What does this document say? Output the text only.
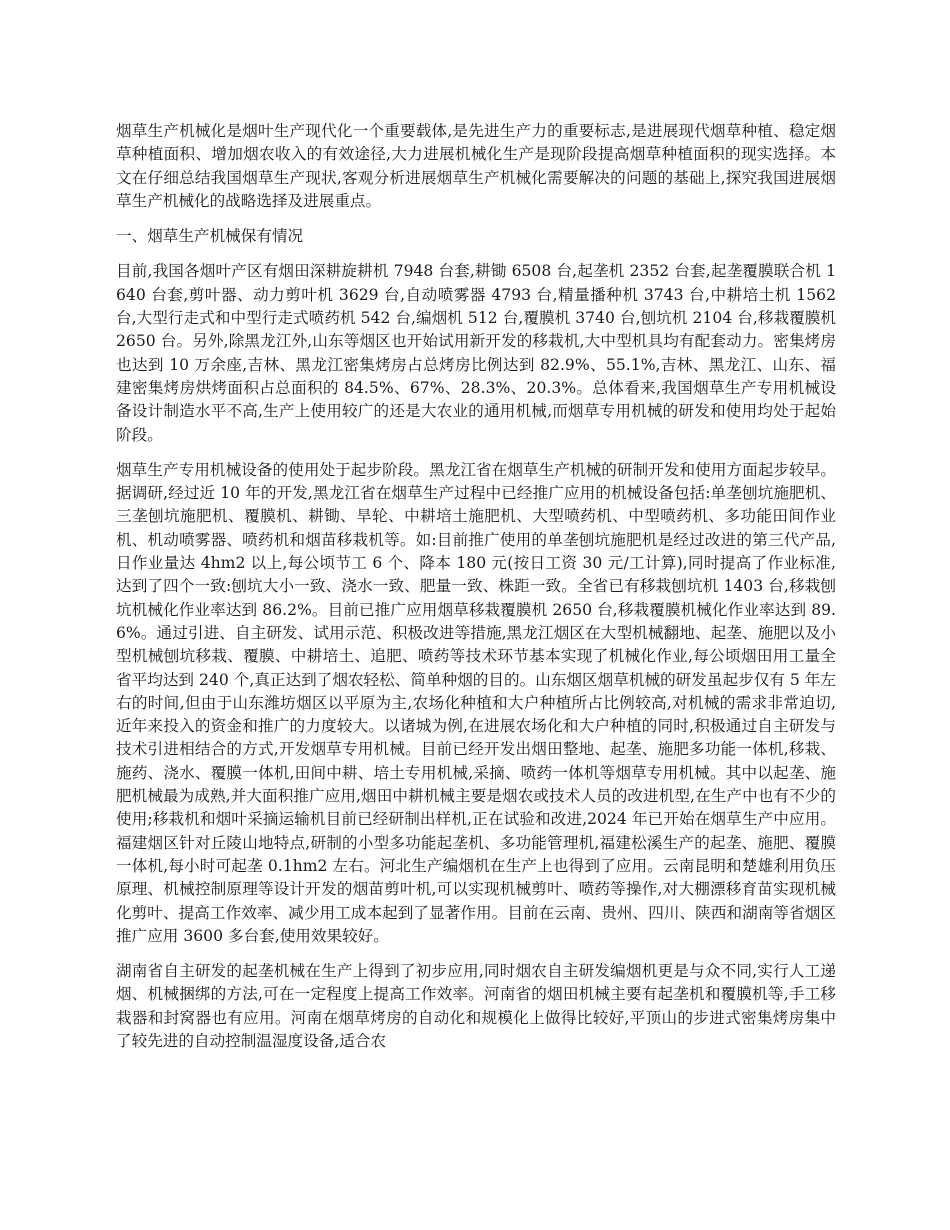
烟草生产机械化是烟叶生产现代化一个重要载体,是先进生产力的重要标志,是进展现代烟草种植、稳定烟草种植面积、增加烟农收入的有效途径,大力进展机械化生产是现阶段提高烟草种植面积的现实选择。本文在仔细总结我国烟草生产现状,客观分析进展烟草生产机械化需要解决的问题的基础上,探究我国进展烟草生产机械化的战略选择及进展重点。

一、烟草生产机械保有情况

目前,我国各烟叶产区有烟田深耕旋耕机 7948 台套,耕锄 6508 台,起垄机 2352 台套,起垄覆膜联合机 1640 台套,剪叶器、动力剪叶机 3629 台,自动喷雾器 4793 台,精量播种机 3743 台,中耕培土机 1562 台,大型行走式和中型行走式喷药机 542 台,编烟机 512 台,覆膜机 3740 台,刨坑机 2104 台,移栽覆膜机 2650 台。另外,除黑龙江外,山东等烟区也开始试用新开发的移栽机,大中型机具均有配套动力。密集烤房也达到 10 万余座,吉林、黑龙江密集烤房占总烤房比例达到 82.9%、55.1%,吉林、黑龙江、山东、福建密集烤房烘烤面积占总面积的 84.5%、67%、28.3%、20.3%。总体看来,我国烟草生产专用机械设备设计制造水平不高,生产上使用较广的还是大农业的通用机械,而烟草专用机械的研发和使用均处于起始阶段。

烟草生产专用机械设备的使用处于起步阶段。黑龙江省在烟草生产机械的研制开发和使用方面起步较早。据调研,经过近 10 年的开发,黑龙江省在烟草生产过程中已经推广应用的机械设备包括:单垄刨坑施肥机、三垄刨坑施肥机、覆膜机、耕锄、旱轮、中耕培土施肥机、大型喷药机、中型喷药机、多功能田间作业机、机动喷雾器、喷药机和烟苗移栽机等。如:目前推广使用的单垄刨坑施肥机是经过改进的第三代产品,日作业量达 4hm2 以上,每公顷节工 6 个、降本 180 元(按日工资 30 元/工计算),同时提高了作业标准,达到了四个一致:刨坑大小一致、浇水一致、肥量一致、株距一致。全省已有移栽刨坑机 1403 台,移栽刨坑机械化作业率达到 86.2%。目前已推广应用烟草移栽覆膜机 2650 台,移栽覆膜机械化作业率达到 89.6%。通过引进、自主研发、试用示范、积极改进等措施,黑龙江烟区在大型机械翻地、起垄、施肥以及小型机械刨坑移栽、覆膜、中耕培土、追肥、喷药等技术环节基本实现了机械化作业,每公顷烟田用工量全省平均达到 240 个,真正达到了烟农轻松、简单种烟的目的。山东烟区烟草机械的研发虽起步仅有 5 年左右的时间,但由于山东潍坊烟区以平原为主,农场化种植和大户种植所占比例较高,对机械的需求非常迫切,近年来投入的资金和推广的力度较大。以诸城为例,在进展农场化和大户种植的同时,积极通过自主研发与技术引进相结合的方式,开发烟草专用机械。目前已经开发出烟田整地、起垄、施肥多功能一体机,移栽、施药、浇水、覆膜一体机,田间中耕、培土专用机械,采摘、喷药一体机等烟草专用机械。其中以起垄、施肥机械最为成熟,并大面积推广应用,烟田中耕机械主要是烟农或技术人员的改进机型,在生产中也有不少的使用;移栽机和烟叶采摘运输机目前已经研制出样机,正在试验和改进,2024 年已开始在烟草生产中应用。福建烟区针对丘陵山地特点,研制的小型多功能起垄机、多功能管理机,福建松溪生产的起垄、施肥、覆膜一体机,每小时可起垄 0.1hm2 左右。河北生产编烟机在生产上也得到了应用。云南昆明和楚雄利用负压原理、机械控制原理等设计开发的烟苗剪叶机,可以实现机械剪叶、喷药等操作,对大棚漂移育苗实现机械化剪叶、提高工作效率、减少用工成本起到了显著作用。目前在云南、贵州、四川、陕西和湖南等省烟区推广应用 3600 多台套,使用效果较好。

湖南省自主研发的起垄机械在生产上得到了初步应用,同时烟农自主研发编烟机更是与众不同,实行人工递烟、机械捆绑的方法,可在一定程度上提高工作效率。河南省的烟田机械主要有起垄机和覆膜机等,手工移栽器和封窝器也有应用。河南在烟草烤房的自动化和规模化上做得比较好,平顶山的步进式密集烤房集中了较先进的自动控制温湿度设备,适合农
